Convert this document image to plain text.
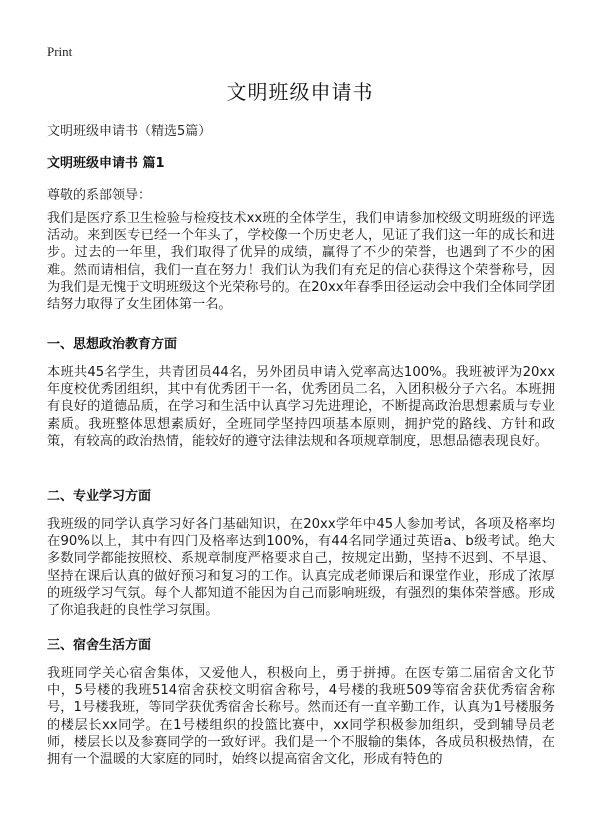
Print
文明班级申请书
文明班级申请书（精选5篇）
文明班级申请书 篇1
尊敬的系部领导：

我们是医疗系卫生检验与检疫技术xx班的全体学生，我们申请参加校级文明班级的评选活动。来到医专已经一个年头了，学校像一个历史老人，见证了我们这一年的成长和进步。过去的一年里，我们取得了优异的成绩，赢得了不少的荣誉，也遇到了不少的困难。然而请相信，我们一直在努力！我们认为我们有充足的信心获得这个荣誉称号，因为我们是无愧于文明班级这个光荣称号的。在20xx年春季田径运动会中我们全体同学团结努力取得了女生团体第一名。

一、思想政治教育方面

本班共45名学生，共青团员44名，另外团员申请入党率高达100%。我班被评为20xx年度校优秀团组织，其中有优秀团干一名，优秀团员二名，入团积极分子六名。本班拥有良好的道德品质，在学习和生活中认真学习先进理论，不断提高政治思想素质与专业素质。我班整体思想素质好，全班同学坚持四项基本原则，拥护党的路线、方针和政策，有较高的政治热情，能较好的遵守法律法规和各项规章制度，思想品德表现良好。

二、专业学习方面

我班级的同学认真学习好各门基础知识，在20xx学年中45人参加考试，各项及格率均在90%以上，其中有四门及格率达到100%，有44名同学通过英语a、b级考试。绝大多数同学都能按照校、系规章制度严格要求自己，按规定出勤，坚持不迟到、不早退、坚持在课后认真的做好预习和复习的工作。认真完成老师课后和课堂作业，形成了浓厚的班级学习气氛。每个人都知道不能因为自己而影响班级，有强烈的集体荣誉感。形成了你追我赶的良性学习氛围。

三、宿舍生活方面

我班同学关心宿舍集体，又爱他人，积极向上，勇于拼搏。在医专第二届宿舍文化节中，5号楼的我班514宿舍获校文明宿舍称号，4号楼的我班509等宿舍获优秀宿舍称号，1号楼我班，等同学获优秀宿舍长称号。然而还有一直辛勤工作，认真为1号楼服务的楼层长xx同学。在1号楼组织的投篮比赛中，xx同学积极参加组织，受到辅导员老师，楼层长以及参赛同学的一致好评。我们是一个不服输的集体，各成员积极热情，在拥有一个温暖的大家庭的同时，始终以提高宿舍文化，形成有特色的
